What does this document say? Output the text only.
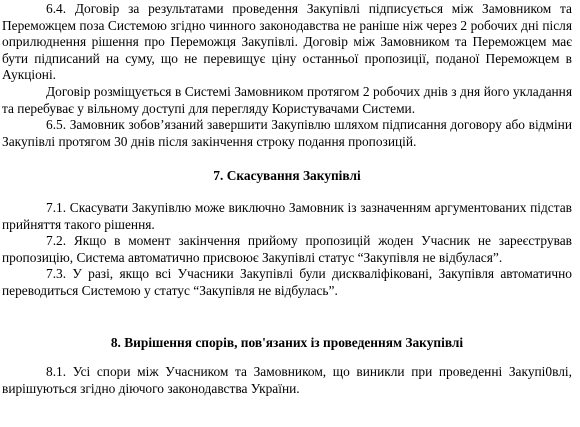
6.4. Договір за результатами проведення Закупівлі підписується між Замовником та Переможцем поза Системою згідно чинного законодавства не раніше ніж через 2 робочих дні після оприлюднення рішення про Переможця Закупівлі. Договір між Замовником та Переможцем має бути підписаний на суму, що не перевищує ціну останньої пропозиції, поданої Переможцем в Аукціоні.

Договір розміщується в Системі Замовником протягом 2 робочих днів з дня його укладання та перебуває у вільному доступі для перегляду Користувачами Системи.

6.5. Замовник зобов’язаний завершити Закупівлю шляхом підписання договору або відміни Закупівлі протягом 30 днів після закінчення строку подання пропозицій.

7. Скасування Закупівлі

7.1. Скасувати Закупівлю може виключно Замовник із зазначенням аргументованих підстав прийняття такого рішення.

7.2. Якщо в момент закінчення прийому пропозицій жоден Учасник не зареєстрував пропозицію, Система автоматично присвоює Закупівлі статус “Закупівля не відбулася”.

7.3. У разі, якщо всі Учасники Закупівлі були дискваліфіковані, Закупівля автоматично переводиться Системою у статус “Закупівля не відбулась”.

8. Вирішення спорів, пов'язаних із проведенням Закупівлі

8.1. Усі спори між Учасником та Замовником, що виникли при проведенні Закупі0влі, вирішуються згідно діючого законодавства України.
